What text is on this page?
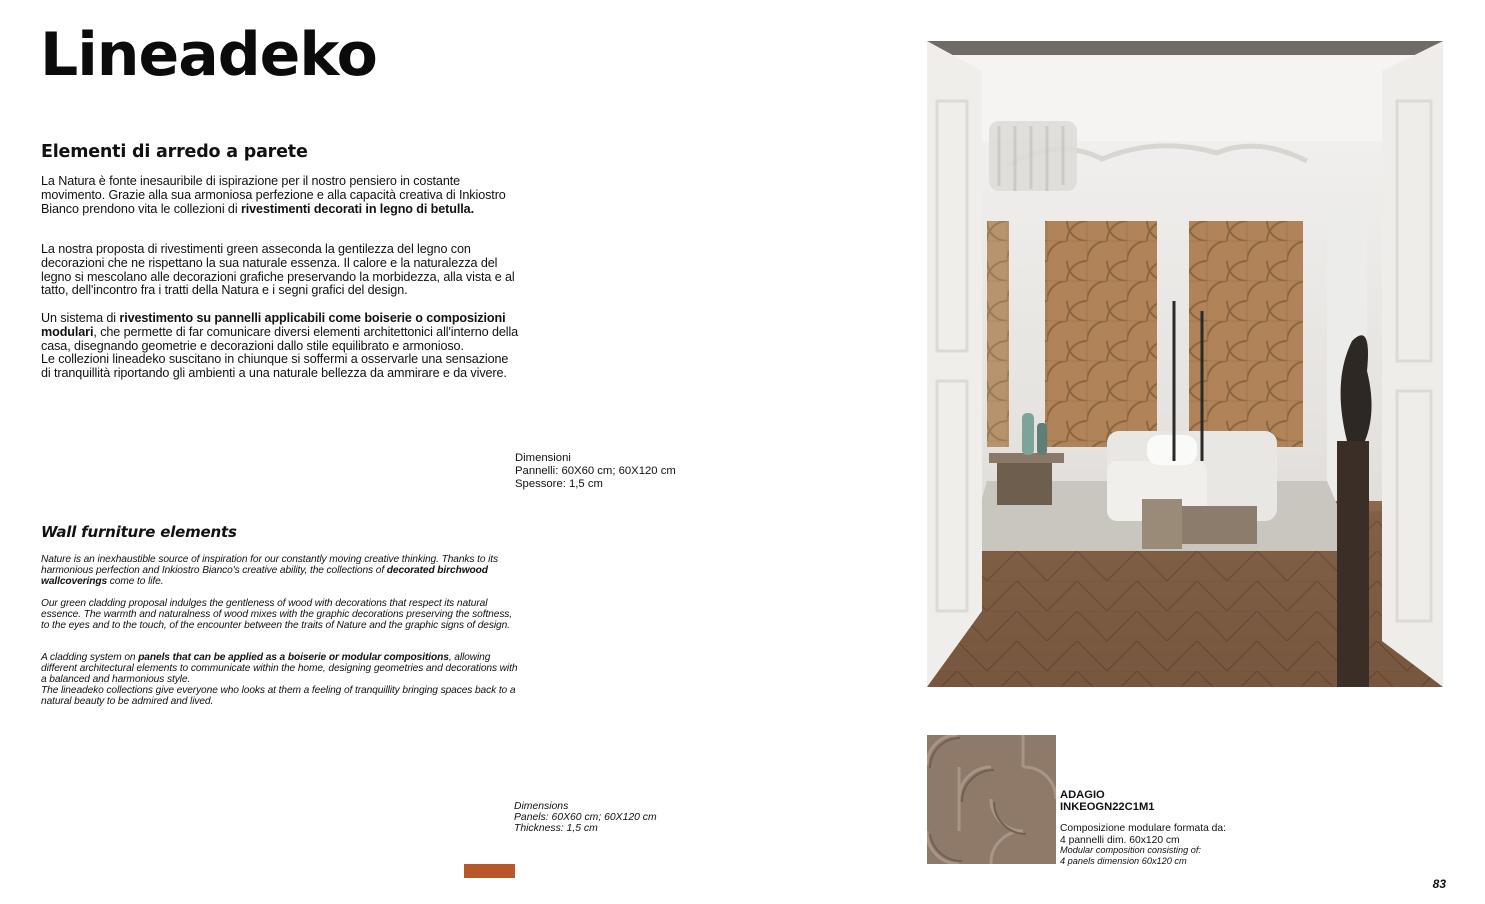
Lineadeko
Elementi di arredo a parete

La Natura è fonte inesauribile di ispirazione per il nostro pensiero in costante movimento. Grazie alla sua armoniosa perfezione e alla capacità creativa di Inkiostro Bianco prendono vita le collezioni di rivestimenti decorati in legno di betulla.

La nostra proposta di rivestimenti green asseconda la gentilezza del legno con decorazioni che ne rispettano la sua naturale essenza. Il calore e la naturalezza del legno si mescolano alle decorazioni grafiche preservando la morbidezza, alla vista e al tatto, dell'incontro fra i tratti della Natura e i segni grafici del design.

Un sistema di rivestimento su pannelli applicabili come boiserie o composizioni modulari, che permette di far comunicare diversi elementi architettonici all'interno della casa, disegnando geometrie e decorazioni dallo stile equilibrato e armonioso.
Le collezioni lineadeko suscitano in chiunque si soffermi a osservarle una sensazione di tranquillità riportando gli ambienti a una naturale bellezza da ammirare e da vivere.

Dimensioni
Pannelli: 60X60 cm; 60X120 cm
Spessore: 1,5 cm
Wall furniture elements

Nature is an inexhaustible source of inspiration for our constantly moving creative thinking. Thanks to its harmonious perfection and Inkiostro Bianco's creative ability, the collections of decorated birchwood wallcoverings come to life.

Our green cladding proposal indulges the gentleness of wood with decorations that respect its natural essence. The warmth and naturalness of wood mixes with the graphic decorations preserving the softness, to the eyes and to the touch, of the encounter between the traits of Nature and the graphic signs of design.

A cladding system on panels that can be applied as a boiserie or modular compositions, allowing different architectural elements to communicate within the home, designing geometries and decorations with a balanced and harmonious style.
The lineadeko collections give everyone who looks at them a feeling of tranquillity bringing spaces back to a natural beauty to be admired and lived.

Dimensions
Panels: 60X60 cm; 60X120 cm
Thickness: 1,5 cm
ADAGIO
INKEOGN22C1M1
Composizione modulare formata da:
4 pannelli dim. 60x120 cm
Modular composition consisting of:
4 panels dimension 60x120 cm
83
